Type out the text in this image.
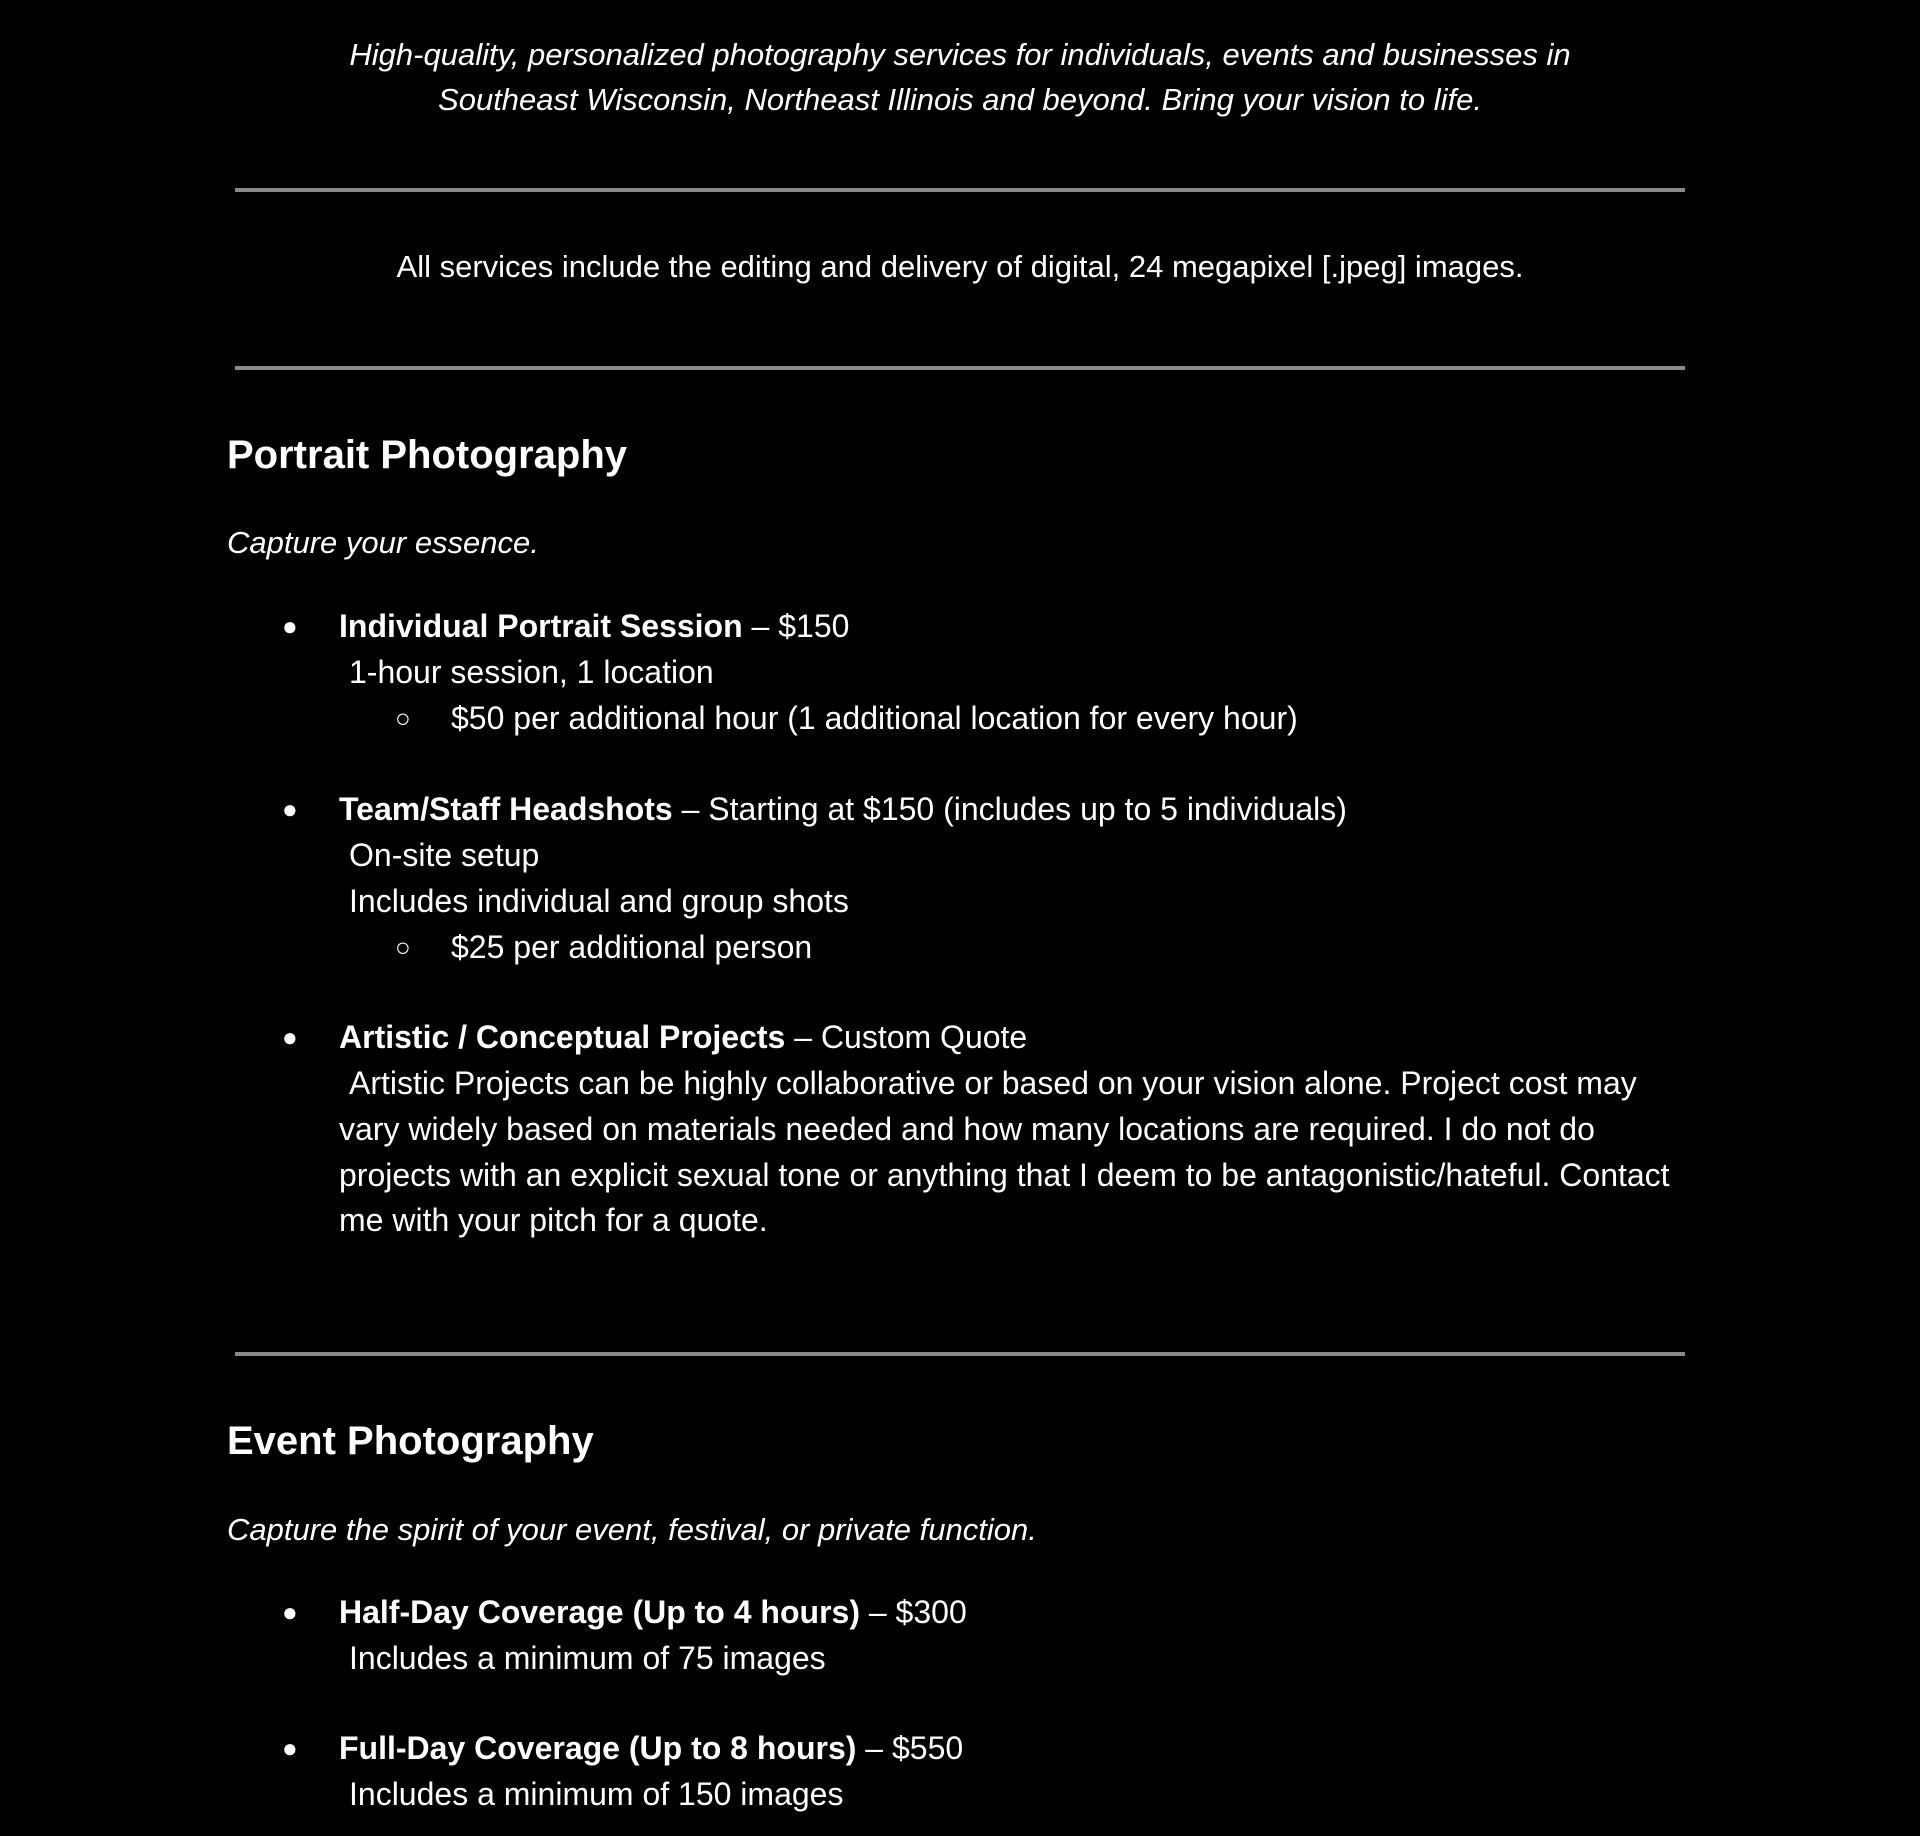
High-quality, personalized photography services for individuals, events and businesses in
Southeast Wisconsin, Northeast Illinois and beyond. Bring your vision to life.
All services include the editing and delivery of digital, 24 megapixel [.jpeg] images.
Portrait Photography
Capture your essence.
● Individual Portrait Session – $150
1-hour session, 1 location
○ $50 per additional hour (1 additional location for every hour)
● Team/Staff Headshots – Starting at $150 (includes up to 5 individuals)
On-site setup
Includes individual and group shots
○ $25 per additional person
● Artistic / Conceptual Projects – Custom Quote
Artistic Projects can be highly collaborative or based on your vision alone. Project cost may vary widely based on materials needed and how many locations are required. I do not do projects with an explicit sexual tone or anything that I deem to be antagonistic/hateful. Contact me with your pitch for a quote.
Event Photography
Capture the spirit of your event, festival, or private function.
● Half-Day Coverage (Up to 4 hours) – $300
Includes a minimum of 75 images
● Full-Day Coverage (Up to 8 hours) – $550
Includes a minimum of 150 images
